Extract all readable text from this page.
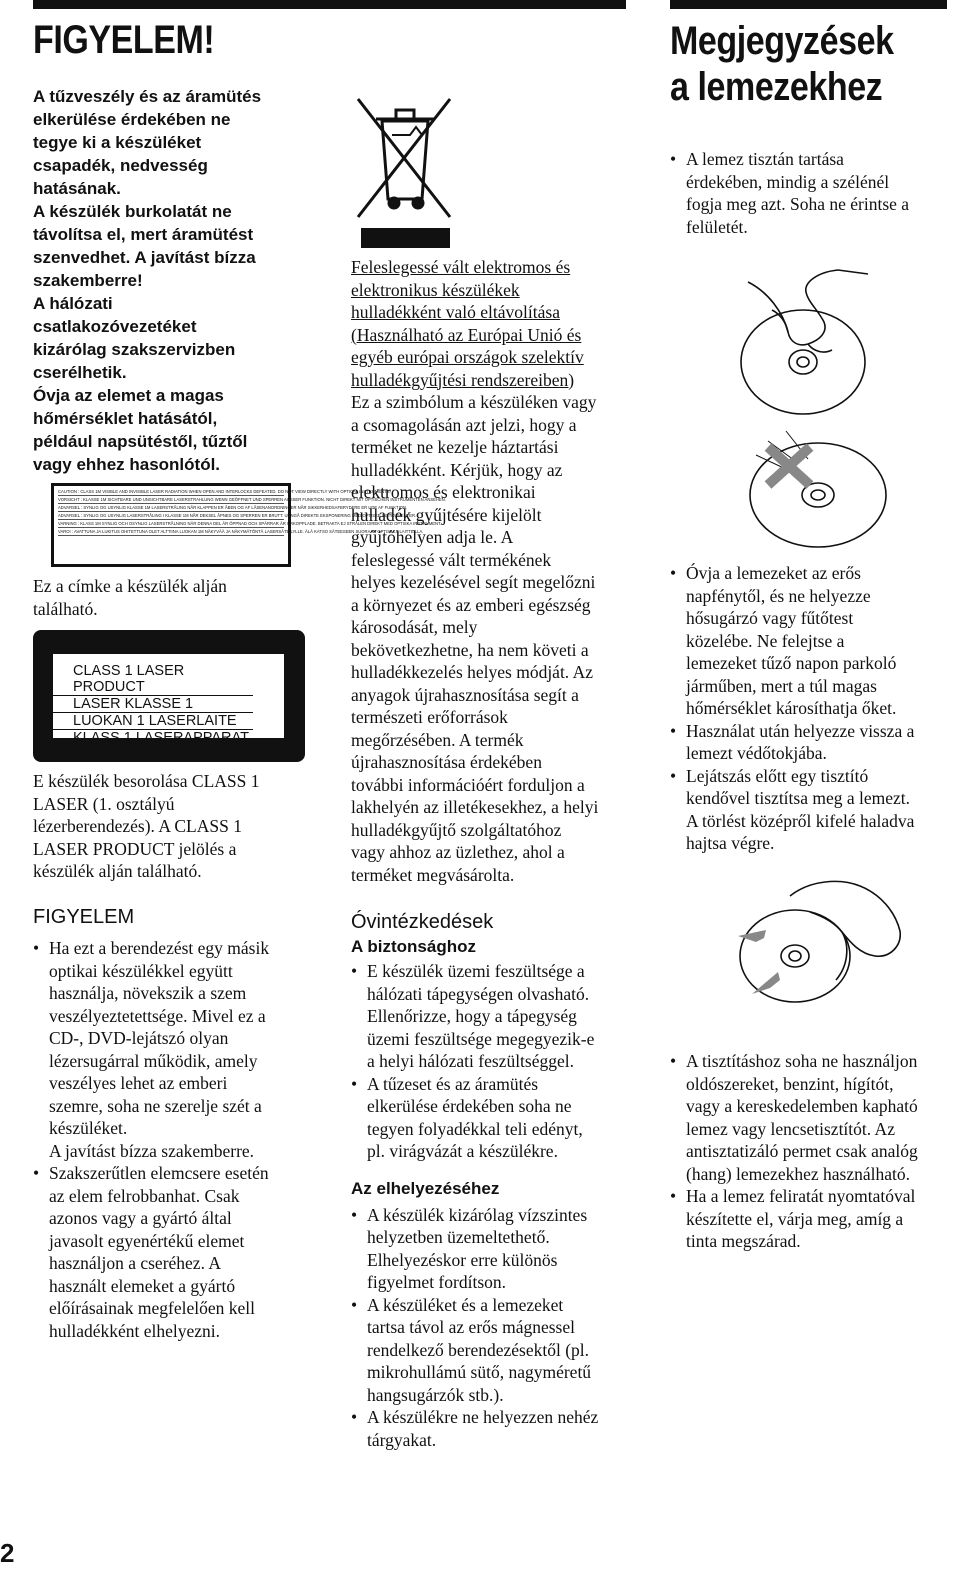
FIGYELEM!
A tűzveszély és az áramütés
elkerülése érdekében ne
tegye ki a készüléket
csapadék, nedvesség
hatásának.
A készülék burkolatát ne
távolítsa el, mert áramütést
szenvedhet. A javítást bízza
szakemberre!
A hálózati
csatlakozóvezetéket
kizárólag szakszervizben
cserélhetik.
Óvja az elemet a magas
hőmérséklet hatásától,
például napsütéstől, tűztől
vagy ehhez hasonlótól.
CAUTION : CLASS 1M VISIBLE AND INVISIBLE LASER RADIATION WHEN OPEN AND INTERLOCKS DEFEATED. DO NOT VIEW DIRECTLY WITH OPTICAL INSTRUMENTS.
VORSICHT : KLASSE 1M SICHTBARE UND UNSICHTBARE LASERSTRAHLUNG WENN GEÖFFNET UND SPERREN AUSSER FUNKTION. NICHT DIREKT MIT OPTISCHEN INSTRUMENTEN ANSEHEN.
ADVARSEL : SYNLIG OG USYNLIG KLASSE 1M LASERSTRÅLING NÅR KLAPPEN ER ÅBEN OG AF LÅSENANORDNINGER NÅR SIKKERHEDSAFBRYDERE ER UDE AF FUNKTION.
ADVARSEL : SYNLIG OG USYNLIG LASERSTRÅLING I KLASSE 1M NÅR DEKSEL ÅPNES OG SPERREN ER BRUTT. UNNGÅ DIREKTE EKSPONERING MED OPTISKE INSTRUMENTER.
VARNING : KLASS 1M SYNLIG OCH OSYNLIG LASERSTRÅLNING NÄR DENNA DEL ÄR ÖPPNAD OCH SPÄRRAR ÄR URKOPPLADE. BETRAKTA EJ STRÅLEN DIREKT MED OPTISKA INSTRUMENT.
VARO! : AVATTUNA JA LUKITUS OHITETTUNA OLET ALTTIINA LUOKAN 1M NÄKYVÄÄ JA NÄKYMÄTÖNTÄ LASERSÄTEILYLLE. ÄLÄ KATSO SÄTEESEEN SUORAAN OPTISILLA LAITTEILLA.
Ez a címke a készülék alján
található.
CLASS 1 LASER PRODUCT
LASER KLASSE 1
LUOKAN 1 LASERLAITE
KLASS 1 LASERAPPARAT
E készülék besorolása CLASS 1
LASER (1. osztályú
lézerberendezés). A CLASS 1
LASER PRODUCT jelölés a
készülék alján található.
FIGYELEM
• Ha ezt a berendezést egy másik
optikai készülékkel együtt
használja, növekszik a szem
veszélyeztetettsége. Mivel ez a
CD-, DVD-lejátszó olyan
lézersugárral működik, amely
veszélyes lehet az emberi
szemre, soha ne szerelje szét a
készüléket.
A javítást bízza szakemberre.
• Szakszerűtlen elemcsere esetén
az elem felrobbanhat. Csak
azonos vagy a gyártó által
javasolt egyenértékű elemet
használjon a cseréhez. A
használt elemeket a gyártó
előírásainak megfelelően kell
hulladékként elhelyezni.
Feleslegessé vált elektromos és
elektronikus készülékek
hulladékként való eltávolítása
(Használható az Európai Unió és
egyéb európai országok szelektív
hulladékgyűjtési rendszereiben)
Ez a szimbólum a készüléken vagy
a csomagolásán azt jelzi, hogy a
terméket ne kezelje háztartási
hulladékként. Kérjük, hogy az
elektromos és elektronikai
hulladék gyűjtésére kijelölt
gyűjtőhelyen adja le. A
feleslegessé vált termékének
helyes kezelésével segít megelőzni
a környezet és az emberi egészség
károsodását, mely
bekövetkezhetne, ha nem követi a
hulladékkezelés helyes módját. Az
anyagok újrahasznosítása segít a
természeti erőforrások
megőrzésében. A termék
újrahasznosítása érdekében
további információért forduljon a
lakhelyén az illetékesekhez, a helyi
hulladékgyűjtő szolgáltatóhoz
vagy ahhoz az üzlethez, ahol a
terméket megvásárolta.
Óvintézkedések
A biztonsághoz
• E készülék üzemi feszültsége a
hálózati tápegységen olvasható.
Ellenőrizze, hogy a tápegység
üzemi feszültsége megegyezik-e
a helyi hálózati feszültséggel.
• A tűzeset és az áramütés
elkerülése érdekében soha ne
tegyen folyadékkal teli edényt,
pl. virágvázát a készülékre.
Az elhelyezéséhez
• A készülék kizárólag vízszintes
helyzetben üzemeltethető.
Elhelyezéskor erre különös
figyelmet fordítson.
• A készüléket és a lemezeket
tartsa távol az erős mágnessel
rendelkező berendezésektől (pl.
mikrohullámú sütő, nagyméretű
hangsugárzók stb.).
• A készülékre ne helyezzen nehéz
tárgyakat.
Megjegyzések
a lemezekhez
• A lemez tisztán tartása
érdekében, mindig a szélénél
fogja meg azt. Soha ne érintse a
felületét.
• Óvja a lemezeket az erős
napfénytől, és ne helyezze
hősugárzó vagy fűtőtest
közelébe. Ne felejtse a
lemezeket tűző napon parkoló
járműben, mert a túl magas
hőmérséklet károsíthatja őket.
• Használat után helyezze vissza a
lemezt védőtokjába.
• Lejátszás előtt egy tisztító
kendővel tisztítsa meg a lemezt.
A törlést középről kifelé haladva
hajtsa végre.
• A tisztításhoz soha ne használjon
oldószereket, benzint, hígítót,
vagy a kereskedelemben kapható
lemez vagy lencsetisztítót. Az
antisztatizáló permet csak analóg
(hang) lemezekhez használható.
• Ha a lemez feliratát nyomtatóval
készítette el, várja meg, amíg a
tinta megszárad.
2
